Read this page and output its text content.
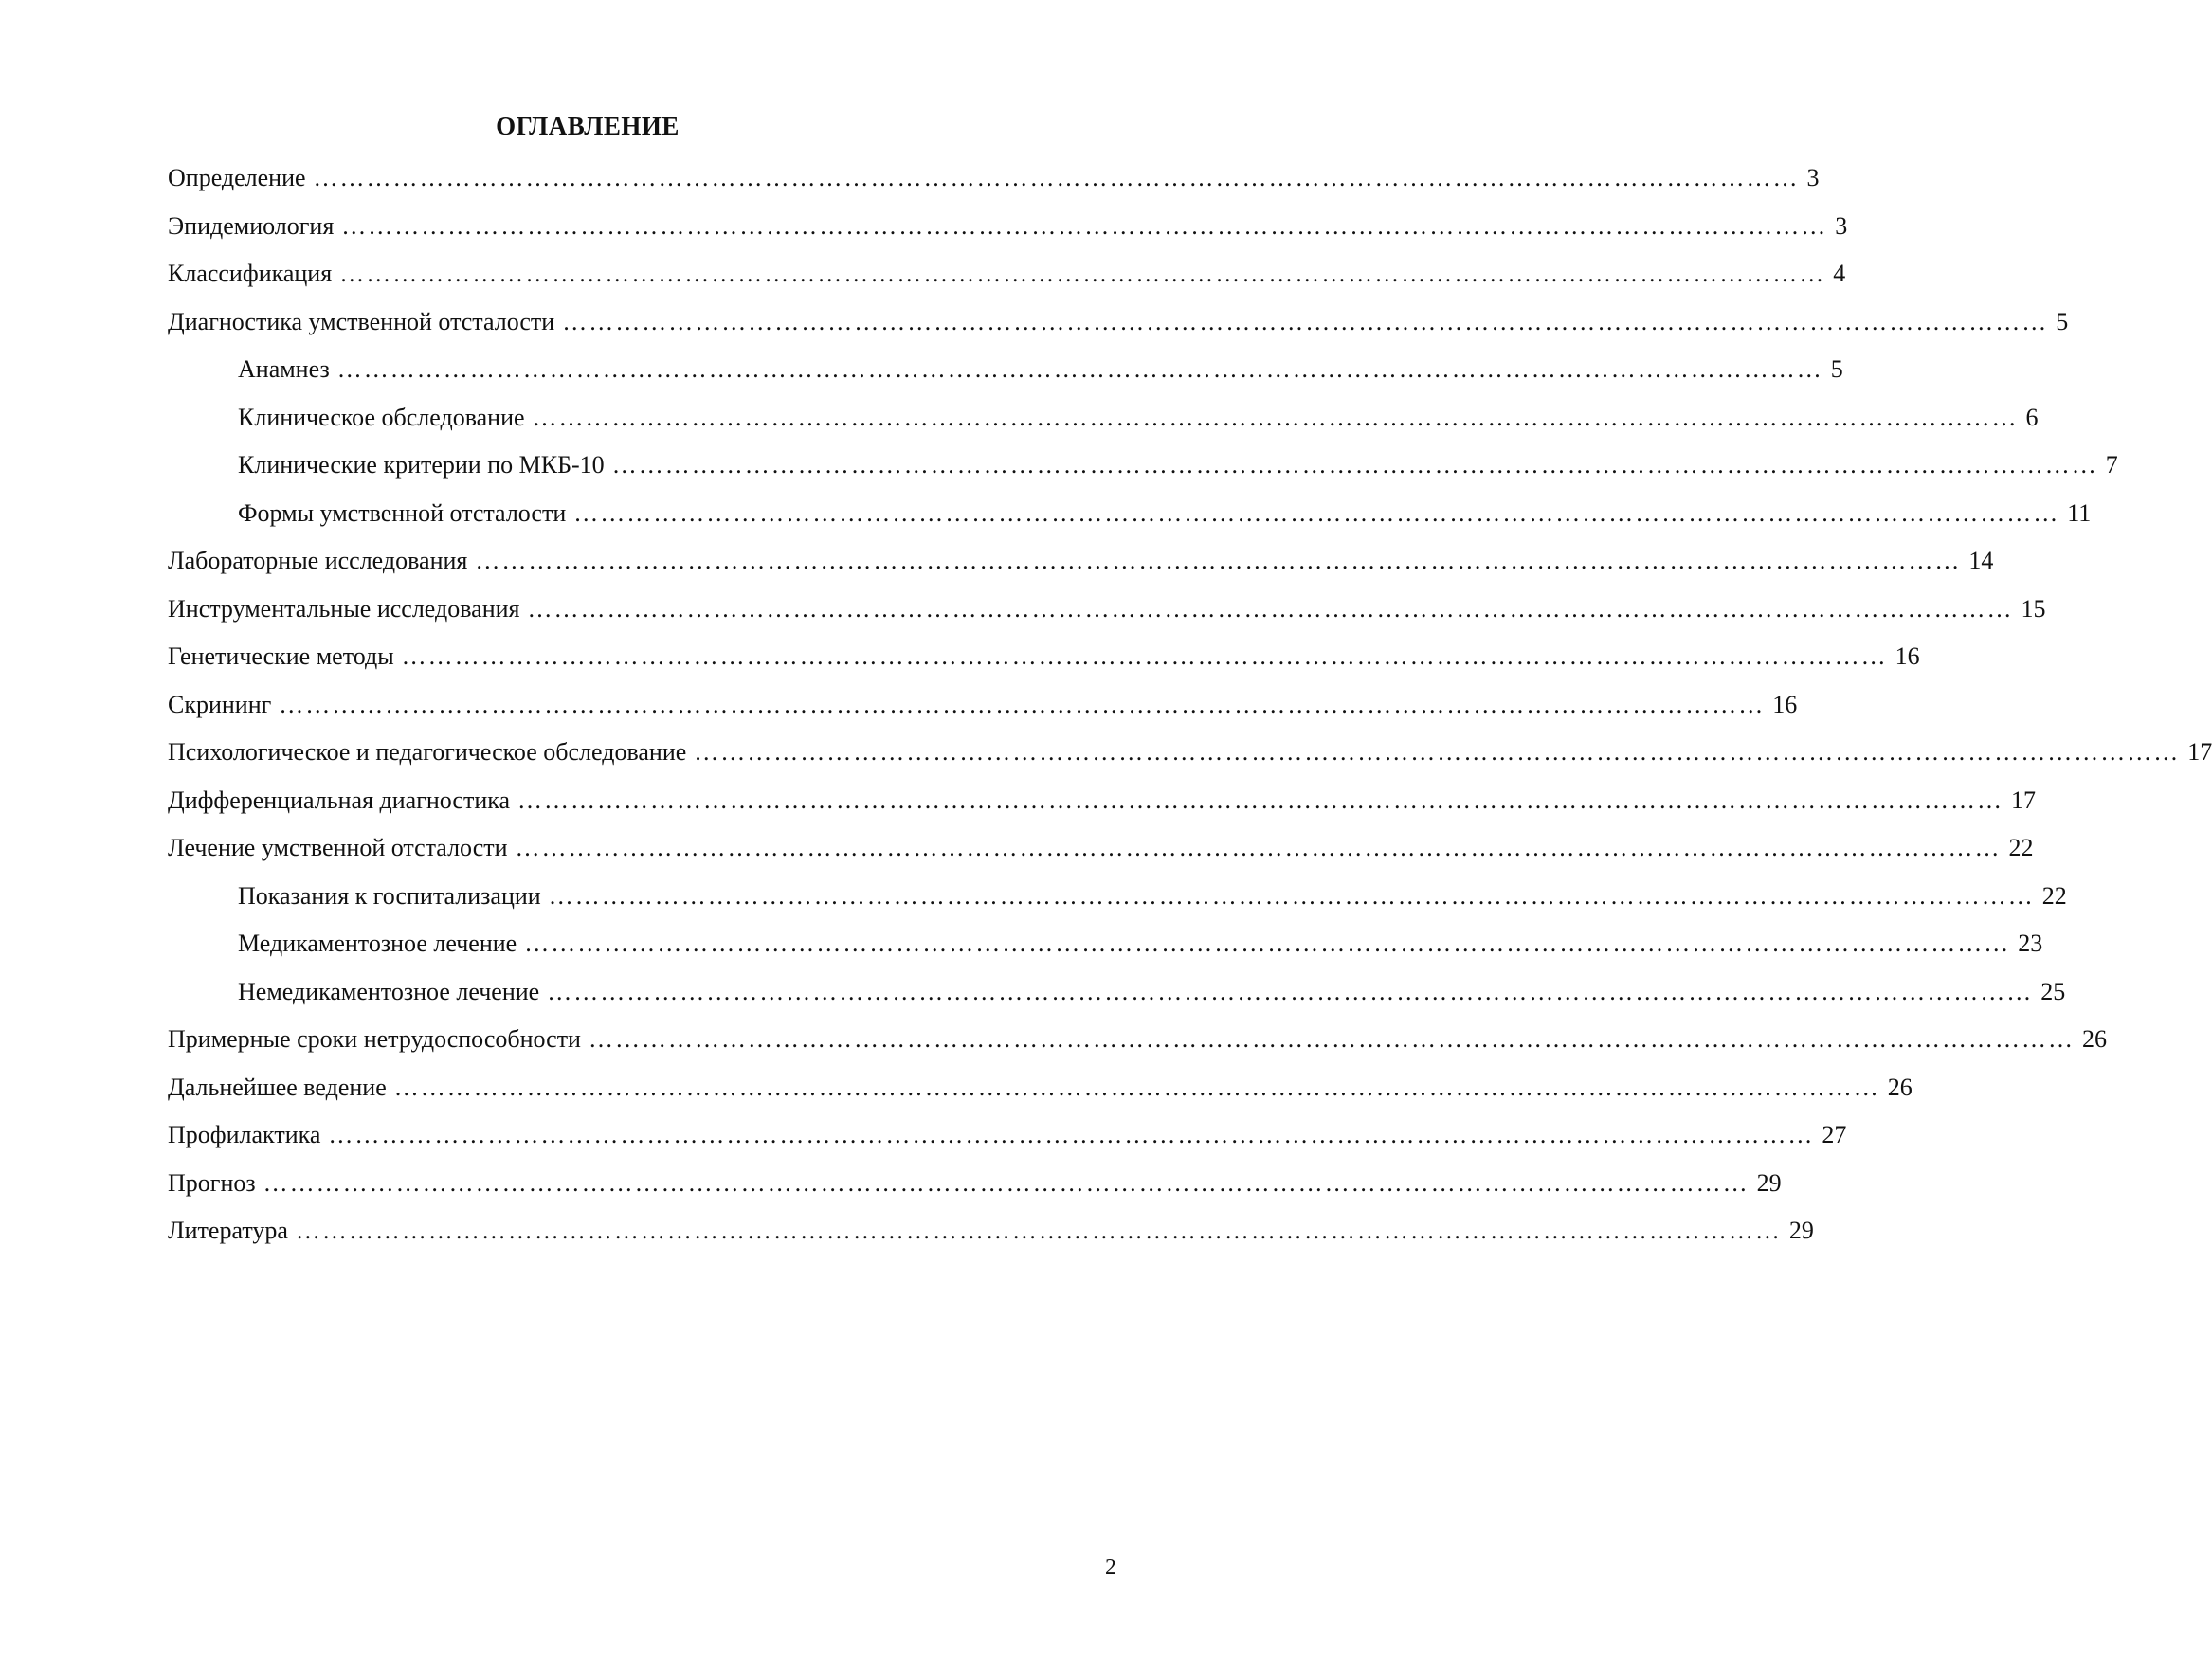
ОГЛАВЛЕНИЕ
Определение …………………………………………………………………………………………………………………………………………………… 3
Эпидемиология …………………………………………………………………………………………………………………………………………………… 3
Классификация …………………………………………………………………………………………………………………………………………………… 4
Диагностика умственной отсталости …………………………………………………………………………………………………………………………………………………… 5
Анамнез …………………………………………………………………………………………………………………………………………………… 5
Клиническое обследование …………………………………………………………………………………………………………………………………………………… 6
Клинические критерии по МКБ-10 …………………………………………………………………………………………………………………………………………………… 7
Формы умственной отсталости …………………………………………………………………………………………………………………………………………………… 11
Лабораторные исследования …………………………………………………………………………………………………………………………………………………… 14
Инструментальные исследования …………………………………………………………………………………………………………………………………………………… 15
Генетические методы …………………………………………………………………………………………………………………………………………………… 16
Скрининг …………………………………………………………………………………………………………………………………………………… 16
Психологическое и педагогическое обследование …………………………………………………………………………………………………………………………………………………… 17
Дифференциальная диагностика …………………………………………………………………………………………………………………………………………………… 17
Лечение умственной отсталости …………………………………………………………………………………………………………………………………………………… 22
Показания к госпитализации …………………………………………………………………………………………………………………………………………………… 22
Медикаментозное лечение …………………………………………………………………………………………………………………………………………………… 23
Немедикаментозное лечение …………………………………………………………………………………………………………………………………………………… 25
Примерные сроки нетрудоспособности …………………………………………………………………………………………………………………………………………………… 26
Дальнейшее ведение …………………………………………………………………………………………………………………………………………………… 26
Профилактика …………………………………………………………………………………………………………………………………………………… 27
Прогноз …………………………………………………………………………………………………………………………………………………… 29
Литература …………………………………………………………………………………………………………………………………………………… 29
2
